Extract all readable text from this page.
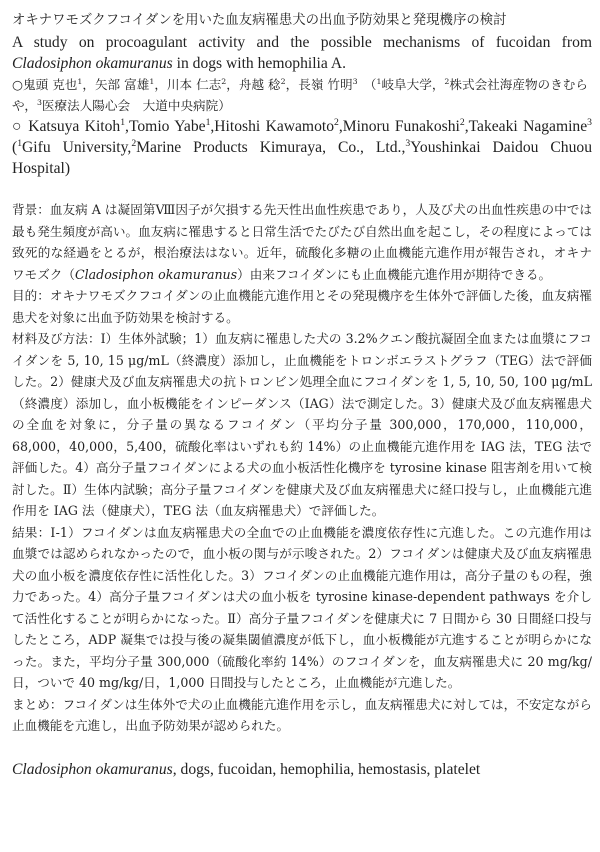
オキナワモズクフコイダンを用いた血友病罹患犬の出血予防効果と発現機序の検討

A study on procoagulant activity and the possible mechanisms of fucoidan from Cladosiphon okamuranus in dogs with hemophilia A.

○鬼頭 克也$^1$，矢部 富雄$^1$，川本 仁志$^2$，舟越 稔$^2$，長嶺 竹明$^3$　（$^1$岐阜大学，$^2$株式会社海産物のきむらや，$^3$医療法人陽心会　大道中央病院）

○ Katsuya Kitoh$^1$,Tomio Yabe$^1$,Hitoshi Kawamoto$^2$,Minoru Funakoshi$^2$,Takeaki Nagamine$^3$ ($^1$Gifu University,$^2$Marine Products Kimuraya, Co., Ltd.,$^3$Youshinkai Daidou Chuou Hospital)

背景：血友病 A は凝固第Ⅷ因子が欠損する先天性出血性疾患であり，人及び犬の出血性疾患の中では最も発生頻度が高い。血友病に罹患すると日常生活でたびたび自然出血を起こし，その程度によっては致死的な経過をとるが，根治療法はない。近年，硫酸化多糖の止血機能亢進作用が報告され，オキナワモズク（Cladosiphon okamuranus）由来フコイダンにも止血機能亢進作用が期待できる。

目的：オキナワモズクフコイダンの止血機能亢進作用とその発現機序を生体外で評価した後，血友病罹患犬を対象に出血予防効果を検討する。

材料及び方法：Ⅰ）生体外試験；1）血友病に罹患した犬の 3.2%クエン酸抗凝固全血または血漿にフコイダンを 5, 10, 15 μg/mL（終濃度）添加し，止血機能をトロンボエラストグラフ（TEG）法で評価した。2）健康犬及び血友病罹患犬の抗トロンビン処理全血にフコイダンを 1, 5, 10, 50, 100 μg/mL（終濃度）添加し，血小板機能をインピーダンス（IAG）法で測定した。3）健康犬及び血友病罹患犬の全血を対象に，分子量の異なるフコイダン（平均分子量 300,000，170,000，110,000，68,000，40,000，5,400，硫酸化率はいずれも約 14%）の止血機能亢進作用を IAG 法，TEG 法で評価した。4）高分子量フコイダンによる犬の血小板活性化機序を tyrosine kinase 阻害剤を用いて検討した。Ⅱ）生体内試験；高分子量フコイダンを健康犬及び血友病罹患犬に経口投与し，止血機能亢進作用を IAG 法（健康犬），TEG 法（血友病罹患犬）で評価した。

結果：Ⅰ-1）フコイダンは血友病罹患犬の全血での止血機能を濃度依存性に亢進した。この亢進作用は血漿では認められなかったので，血小板の関与が示唆された。2）フコイダンは健康犬及び血友病罹患犬の血小板を濃度依存性に活性化した。3）フコイダンの止血機能亢進作用は，高分子量のもの程，強力であった。4）高分子量フコイダンは犬の血小板を tyrosine kinase-dependent pathways を介して活性化することが明らかになった。Ⅱ）高分子量フコイダンを健康犬に 7 日間から 30 日間経口投与したところ，ADP 凝集では投与後の凝集閾値濃度が低下し，血小板機能が亢進することが明らかになった。また，平均分子量 300,000（硫酸化率約 14%）のフコイダンを，血友病罹患犬に 20 mg/kg/日，ついで 40 mg/kg/日，1,000 日間投与したところ，止血機能が亢進した。

まとめ：フコイダンは生体外で犬の止血機能亢進作用を示し，血友病罹患犬に対しては，不安定ながら止血機能を亢進し，出血予防効果が認められた。

Cladosiphon okamuranus, dogs, fucoidan, hemophilia, hemostasis, platelet
